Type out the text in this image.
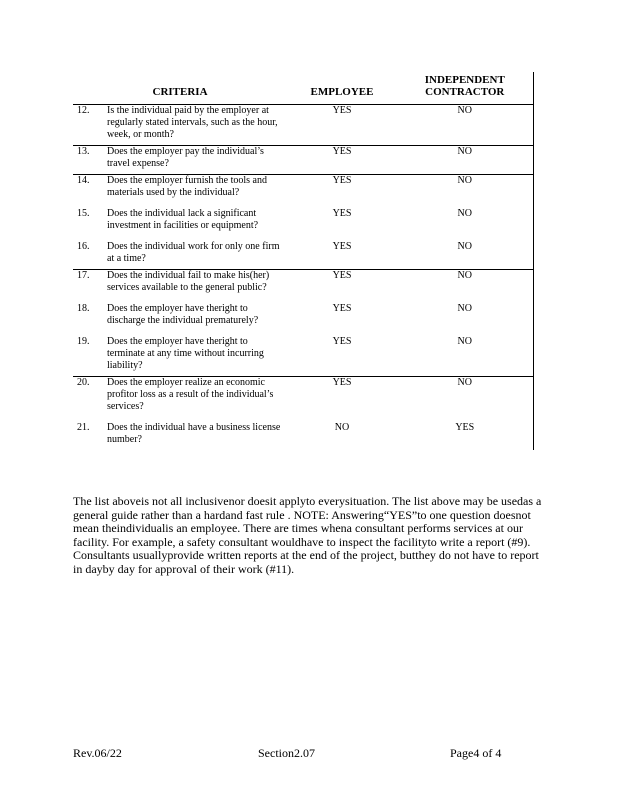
CRITERIA		EMPLOYEE	INDEPENDENT
CONTRACTOR
12.	Is the individual paid by the employer at regularly stated intervals, such as the hour, week, or month?	YES	NO
13.	Does the employer pay the individual’s travel expense?	YES	NO
14.	Does the employer furnish the tools and materials used by the individual?	YES	NO
15.	Does the individual lack a significant investment in facilities or equipment?	YES	NO
16.	Does the individual work for only one firm at a time?	YES	NO
17.	Does the individual fail to make his(her) services available to the general public?	YES	NO
18.	Does the employer have theright to discharge the individual prematurely?	YES	NO
19.	Does the employer have theright to terminate at any time without incurring liability?	YES	NO
20.	Does the employer realize an economic profitor loss as a result of the individual’s services?	YES	NO
21.	Does the individual have a business license number?	NO	YES

The list aboveis not all inclusivenor doesit applyto everysituation. The list above may be usedas a general guide rather than a hardand fast rule . NOTE: Answering“YES”to one question doesnot mean theindividualis an employee. There are times whena consultant performs services at our facility. For example, a safety consultant wouldhave to inspect the facilityto write a report (#9). Consultants usuallyprovide written reports at the end of the project, butthey do not have to report in dayby day for approval of their work (#11).

Rev.06/22	Section2.07	Page4 of 4
